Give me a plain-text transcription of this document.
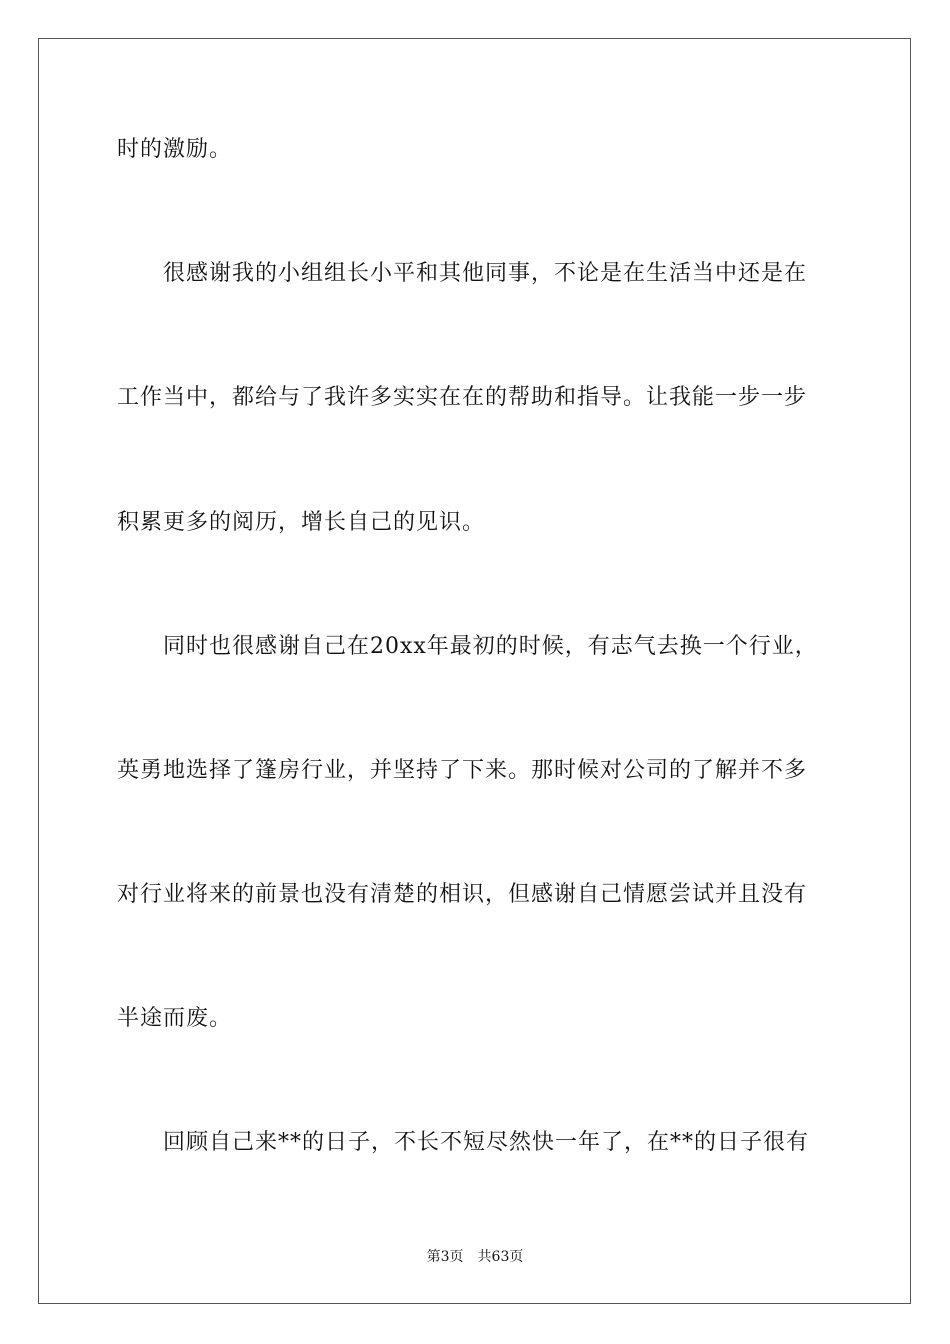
时的激励。
很感谢我的小组组长小平和其他同事，不论是在生活当中还是在
工作当中，都给与了我许多实实在在的帮助和指导。让我能一步一步
积累更多的阅历，增长自己的见识。
同时也很感谢自己在20xx年最初的时候，有志气去换一个行业，
英勇地选择了篷房行业，并坚持了下来。那时候对公司的了解并不多
对行业将来的前景也没有清楚的相识，但感谢自己情愿尝试并且没有
半途而废。
回顾自己来**的日子，不长不短尽然快一年了，在**的日子很有
第3页 共63页
